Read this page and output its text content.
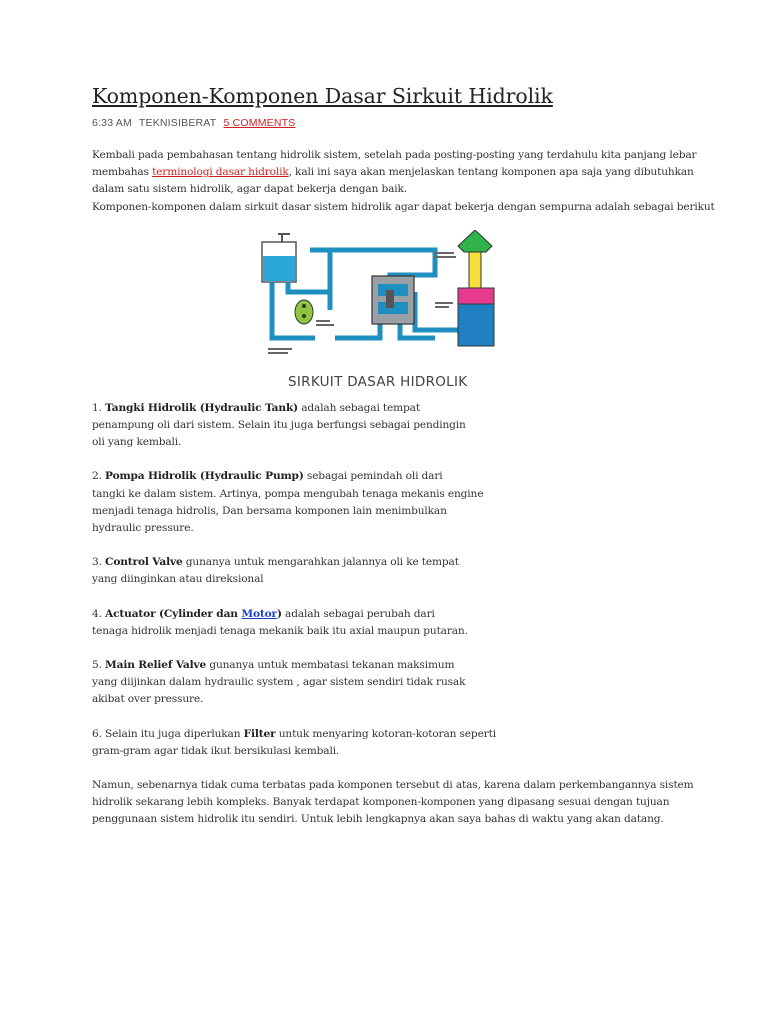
Komponen-Komponen Dasar Sirkuit Hidrolik
6:33 AM TEKNISIBERAT 5 COMMENTS
Kembali pada pembahasan tentang hidrolik sistem, setelah pada posting-posting yang terdahulu kita panjang lebar
membahas terminologi dasar hidrolik, kali ini saya akan menjelaskan tentang komponen apa saja yang dibutuhkan
dalam satu sistem hidrolik, agar dapat bekerja dengan baik.
Komponen-komponen dalam sirkuit dasar sistem hidrolik agar dapat bekerja dengan sempurna adalah sebagai berikut
SIRKUIT DASAR HIDROLIK
1. Tangki Hidrolik (Hydraulic Tank) adalah sebagai tempat
penampung oli dari sistem. Selain itu juga berfungsi sebagai pendingin
oli yang kembali.
2. Pompa Hidrolik (Hydraulic Pump) sebagai pemindah oli dari
tangki ke dalam sistem. Artinya, pompa mengubah tenaga mekanis engine
menjadi tenaga hidrolis, Dan bersama komponen lain menimbulkan
hydraulic pressure.
3. Control Valve gunanya untuk mengarahkan jalannya oli ke tempat
yang diinginkan atau direksional
4. Actuator (Cylinder dan Motor) adalah sebagai perubah dari
tenaga hidrolik menjadi tenaga mekanik baik itu axial maupun putaran.
5. Main Relief Valve gunanya untuk membatasi tekanan maksimum
yang diijinkan dalam hydraulic system , agar sistem sendiri tidak rusak
akibat over pressure.
6. Selain itu juga diperlukan Filter untuk menyaring kotoran-kotoran seperti
gram-gram agar tidak ikut bersikulasi kembali.
Namun, sebenarnya tidak cuma terbatas pada komponen tersebut di atas, karena dalam perkembangannya sistem
hidrolik sekarang lebih kompleks. Banyak terdapat komponen-komponen yang dipasang sesuai dengan tujuan
penggunaan sistem hidrolik itu sendiri. Untuk lebih lengkapnya akan saya bahas di waktu yang akan datang.
